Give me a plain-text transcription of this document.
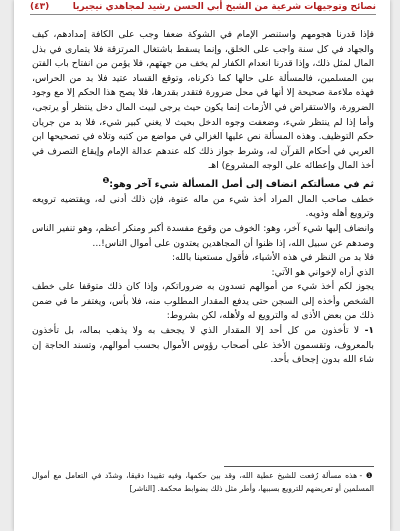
نصائح وتوجيهات شرعية من الشيخ أبي الحسن رشيد لمجاهدي نيجيريا
(٤٣)

فإذا قدرنا هجومهم واستنصر الإمام في الشوكة ضعفا وجب على الكافة إمدادهم، كيف والجهاد في كل سنة واجب على الخلق، وإنما يسقط باشتغال المرتزقة فلا يتمارى في بذل المال لمثل ذلك، وإذا قدرنا انعدام الكفار لم يخف من جهتهم، فلا يؤمن من انفتاح باب الفتن بين المسلمين، فالمسألة على حالها كما ذكرناه، وتوقع القساد عتيد فلا بد من الحراس، فهذه ملاءمة صحيحة إلا أنها في محل ضرورة فتقدر بقدرها، فلا يصح هذا الحكم إلا مع وجود الضرورة، والاستقراض في الأزمات إنما يكون حيث يرجى لبيت المال دخل ينتظر أو يرتجى، وأما إذا لم ينتظر شيء، وضعفت وجوه الدخل بحيث لا يغني كبير شيء، فلا بد من جريان حكم التوظيف. وهذه المسألة نص عليها الغزالي في مواضع من كتبه وتلاه في تصحيحها ابن العربي في أحكام القرآن له، وشرط جواز ذلك كله عندهم عدالة الإمام وإيقاع التصرف في أخذ المال وإعطائه على الوجه المشروع) اهـ

ثم في مسألتكم انضاف إلى أصل المسألة شيء آخر وهو:$^❶$

خطف صاحب المال المراد أخذ شيء من ماله عنوة، فإن ذلك أدنى له، ويقتضيه ترويعه وترويع أهله وذويه.

وانضاف إليها شيء آخر، وهو: الخوف من وقوع مفسدة أكبر ومنكر أعظم، وهو تنفير الناس وصدهم عن سبيل الله، إذا ظنوا أن المجاهدين يعتدون على أموال الناس!...

فلا بد من النظر في هذه الأشياء، فأقول مستعينا بالله:

الذي أراه لإخواني هو الآتي:

يجوز لكم أخذ شيء من أموالهم تسدون به ضروراتكم، وإذا كان ذلك متوقفا على خطف الشخص وأخذه إلى السجن حتى يدفع المقدار المطلوب منه، فلا بأس، ويغتفر ما في ضمن ذلك من بعض الأذى له والترويع له ولأهله، لكن بشروط:

١- لا تأخذون من كل أحد إلا المقدار الذي لا يجحف به ولا يذهب بماله، بل تأخذون بالمعروف، وتقسمون الأخذ على أصحاب رؤوس الأموال بحسب أموالهم، وتسند الحاجة إن شاء الله بدون إجحاف بأحد.

❶ - هذه مسألة رُفعت للشيخ عطية الله، وقد بين حكمها، وفيه تقييدا دقيقا، وشدّد في التعامل مع أموال المسلمين أو تعريضهم للترويع بسببها، وأطر مثل ذلك بضوابط محكمة. [الناشر]
